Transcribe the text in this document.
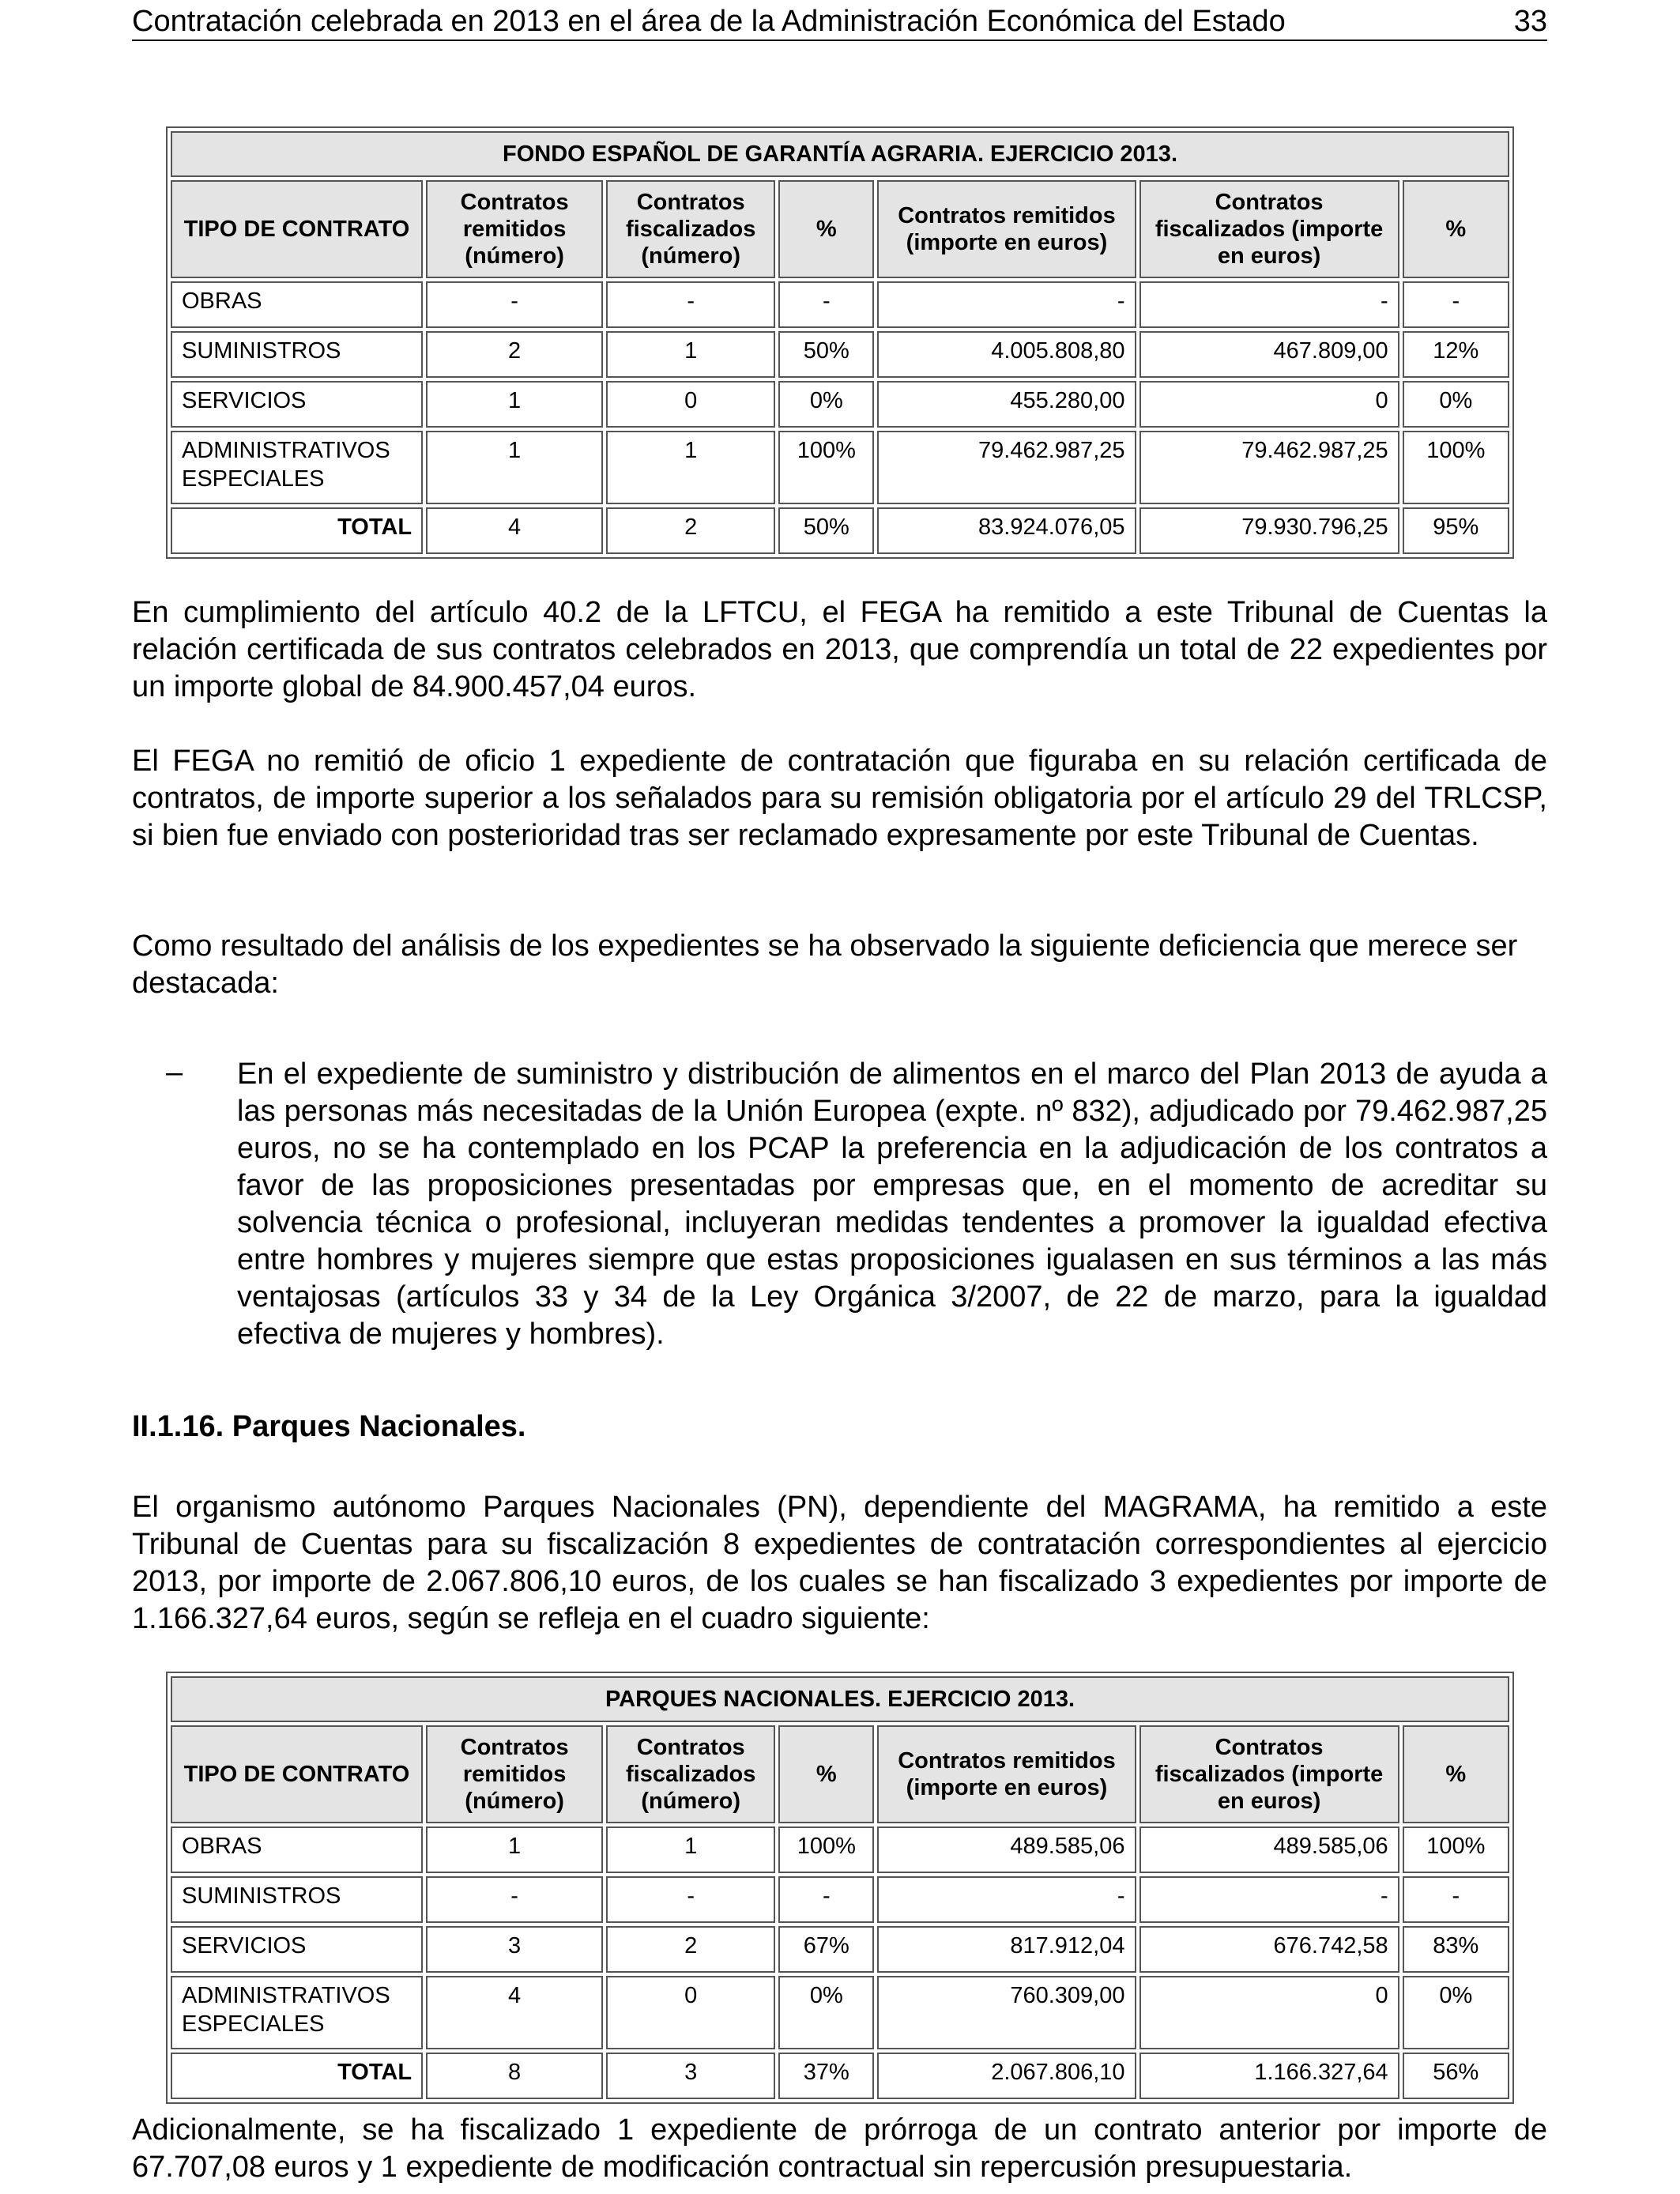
Contratación celebrada en 2013 en el área de la Administración Económica del Estado	33
FONDO ESPAÑOL DE GARANTÍA AGRARIA. EJERCICIO 2013.						
TIPO DE CONTRATO	Contratos remitidos (número)	Contratos fiscalizados (número)	%	Contratos remitidos (importe en euros)	Contratos fiscalizados (importe en euros)	%
OBRAS	-	-	-	-	-	-
SUMINISTROS	2	1	50%	4.005.808,80	467.809,00	12%
SERVICIOS	1	0	0%	455.280,00	0	0%
ADMINISTRATIVOS ESPECIALES	1	1	100%	79.462.987,25	79.462.987,25	100%
TOTAL	4	2	50%	83.924.076,05	79.930.796,25	95%

En cumplimiento del artículo 40.2 de la LFTCU, el FEGA ha remitido a este Tribunal de Cuentas la relación certificada de sus contratos celebrados en 2013, que comprendía un total de 22 expedientes por un importe global de 84.900.457,04 euros.

El FEGA no remitió de oficio 1 expediente de contratación que figuraba en su relación certificada de contratos, de importe superior a los señalados para su remisión obligatoria por el artículo 29 del TRLCSP, si bien fue enviado con posterioridad tras ser reclamado expresamente por este Tribunal de Cuentas.

Como resultado del análisis de los expedientes se ha observado la siguiente deficiencia que merece ser destacada:

– En el expediente de suministro y distribución de alimentos en el marco del Plan 2013 de ayuda a las personas más necesitadas de la Unión Europea (expte. nº 832), adjudicado por 79.462.987,25 euros, no se ha contemplado en los PCAP la preferencia en la adjudicación de los contratos a favor de las proposiciones presentadas por empresas que, en el momento de acreditar su solvencia técnica o profesional, incluyeran medidas tendentes a promover la igualdad efectiva entre hombres y mujeres siempre que estas proposiciones igualasen en sus términos a las más ventajosas (artículos 33 y 34 de la Ley Orgánica 3/2007, de 22 de marzo, para la igualdad efectiva de mujeres y hombres).

II.1.16. Parques Nacionales.

El organismo autónomo Parques Nacionales (PN), dependiente del MAGRAMA, ha remitido a este Tribunal de Cuentas para su fiscalización 8 expedientes de contratación correspondientes al ejercicio 2013, por importe de 2.067.806,10 euros, de los cuales se han fiscalizado 3 expedientes por importe de 1.166.327,64 euros, según se refleja en el cuadro siguiente:

PARQUES NACIONALES. EJERCICIO 2013.						
TIPO DE CONTRATO	Contratos remitidos (número)	Contratos fiscalizados (número)	%	Contratos remitidos (importe en euros)	Contratos fiscalizados (importe en euros)	%
OBRAS	1	1	100%	489.585,06	489.585,06	100%
SUMINISTROS	-	-	-	-	-	-
SERVICIOS	3	2	67%	817.912,04	676.742,58	83%
ADMINISTRATIVOS ESPECIALES	4	0	0%	760.309,00	0	0%
TOTAL	8	3	37%	2.067.806,10	1.166.327,64	56%

Adicionalmente, se ha fiscalizado 1 expediente de prórroga de un contrato anterior por importe de 67.707,08 euros y 1 expediente de modificación contractual sin repercusión presupuestaria.
